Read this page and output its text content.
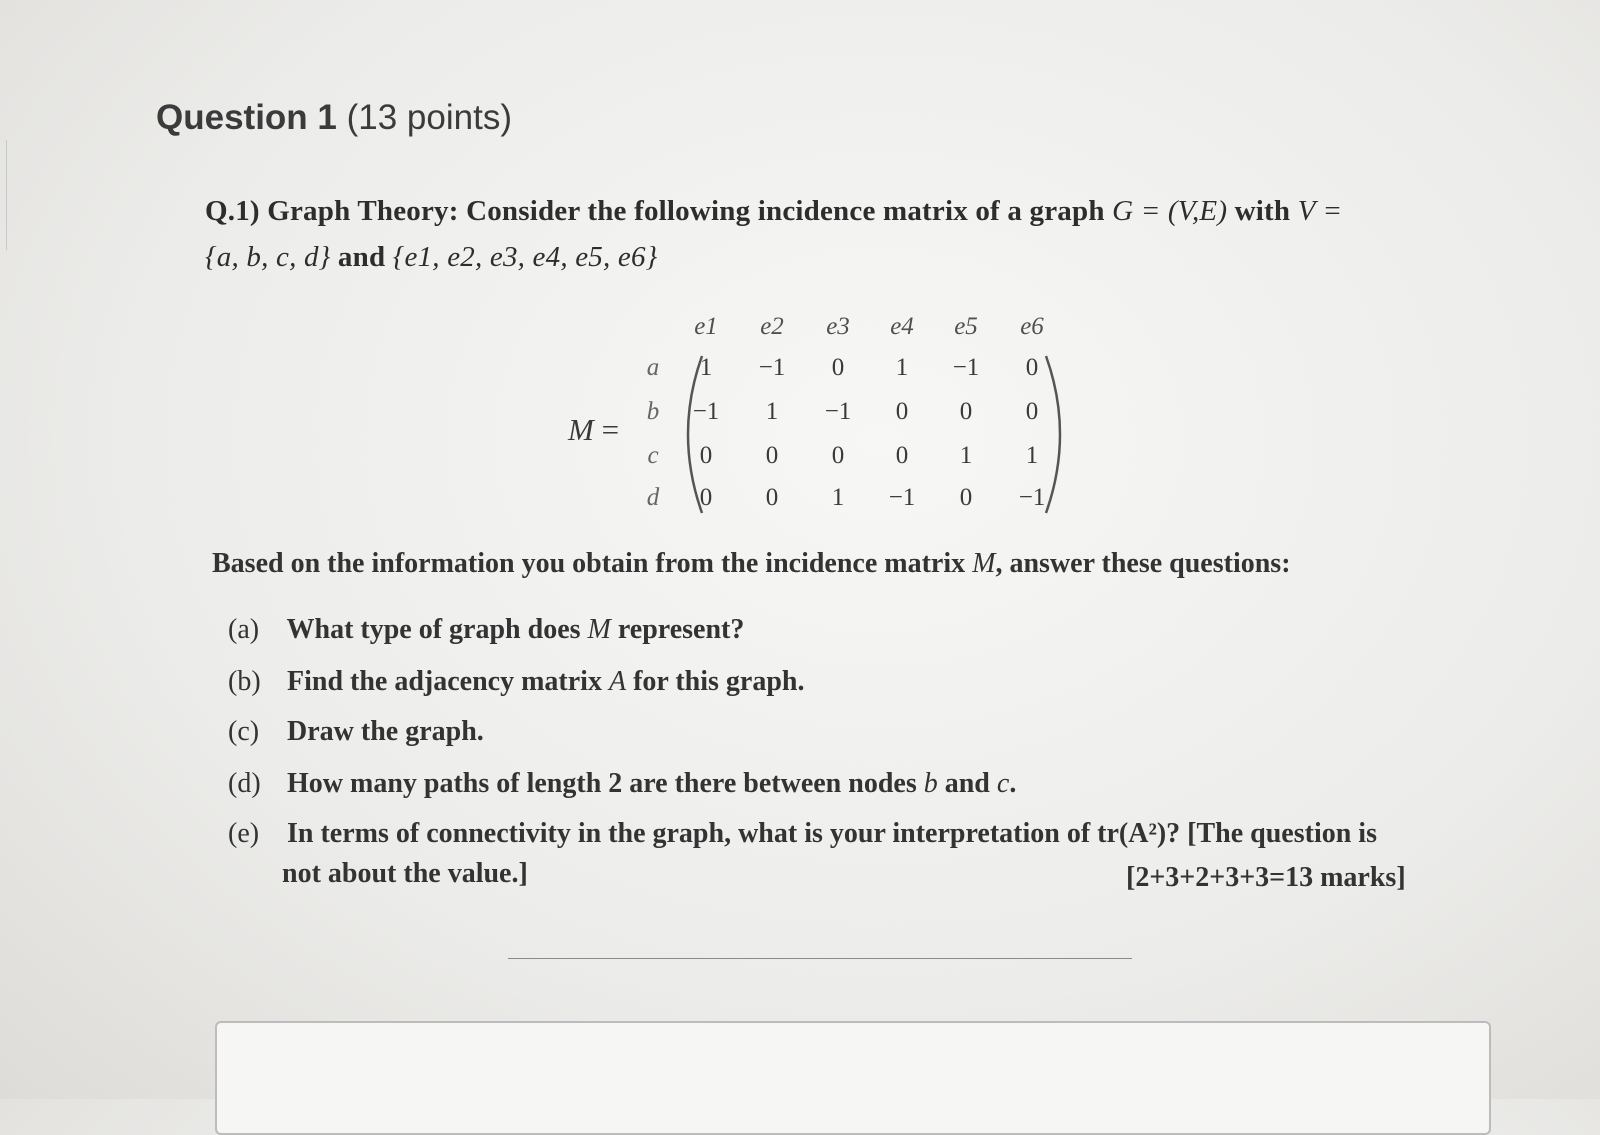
Question 1 (13 points)
Q.1) Graph Theory: Consider the following incidence matrix of a graph G = (V,E) with V =
{a, b, c, d} and {e1, e2, e3, e4, e5, e6}
M =
e1	e2	e3	e4	e5	e6
a	1	−1	0	1	−1	0
b	−1	1	−1	0	0	0
c	0	0	0	0	1	1
d	0	0	1	−1	0	−1
Based on the information you obtain from the incidence matrix M, answer these questions:
(a) What type of graph does M represent?
(b) Find the adjacency matrix A for this graph.
(c) Draw the graph.
(d) How many paths of length 2 are there between nodes b and c.
(e) In terms of connectivity in the graph, what is your interpretation of tr(A²)? [The question is
not about the value.]	[2+3+2+3+3=13 marks]
